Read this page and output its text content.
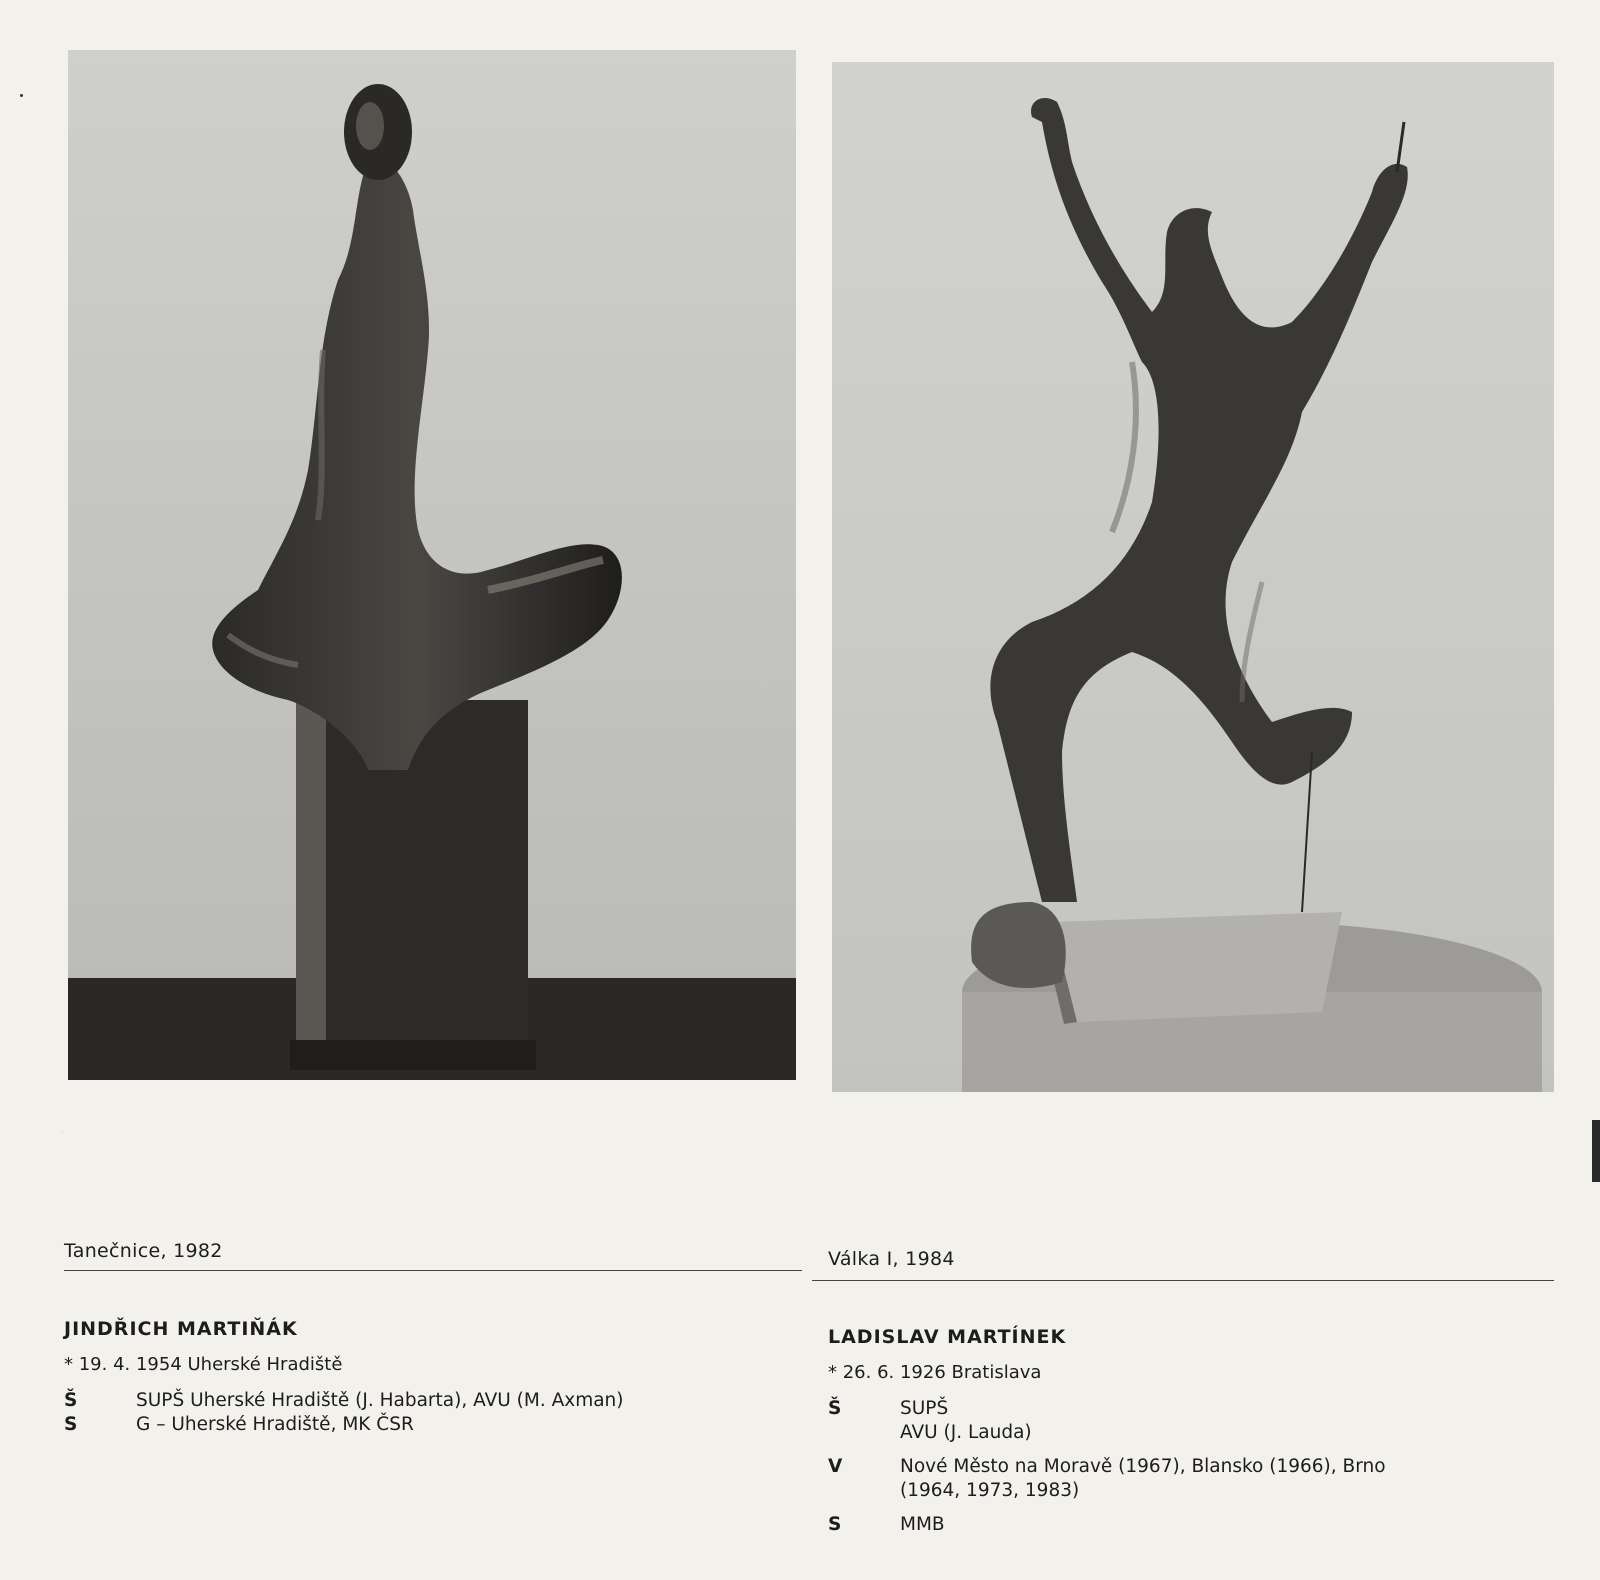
·
Tanečnice, 1982	Válka I, 1984

JINDŘICH MARTIŇÁK

* 19. 4. 1954 Uherské Hradiště

Š	SUPŠ Uherské Hradiště (J. Habarta), AVU (M. Axman)
S	G – Uherské Hradiště, MK ČSR

LADISLAV MARTÍNEK

* 26. 6. 1926 Bratislava

Š	SUPŠ
AVU (J. Lauda)
V	Nové Město na Moravě (1967), Blansko (1966), Brno
(1964, 1973, 1983)
S	MMB
